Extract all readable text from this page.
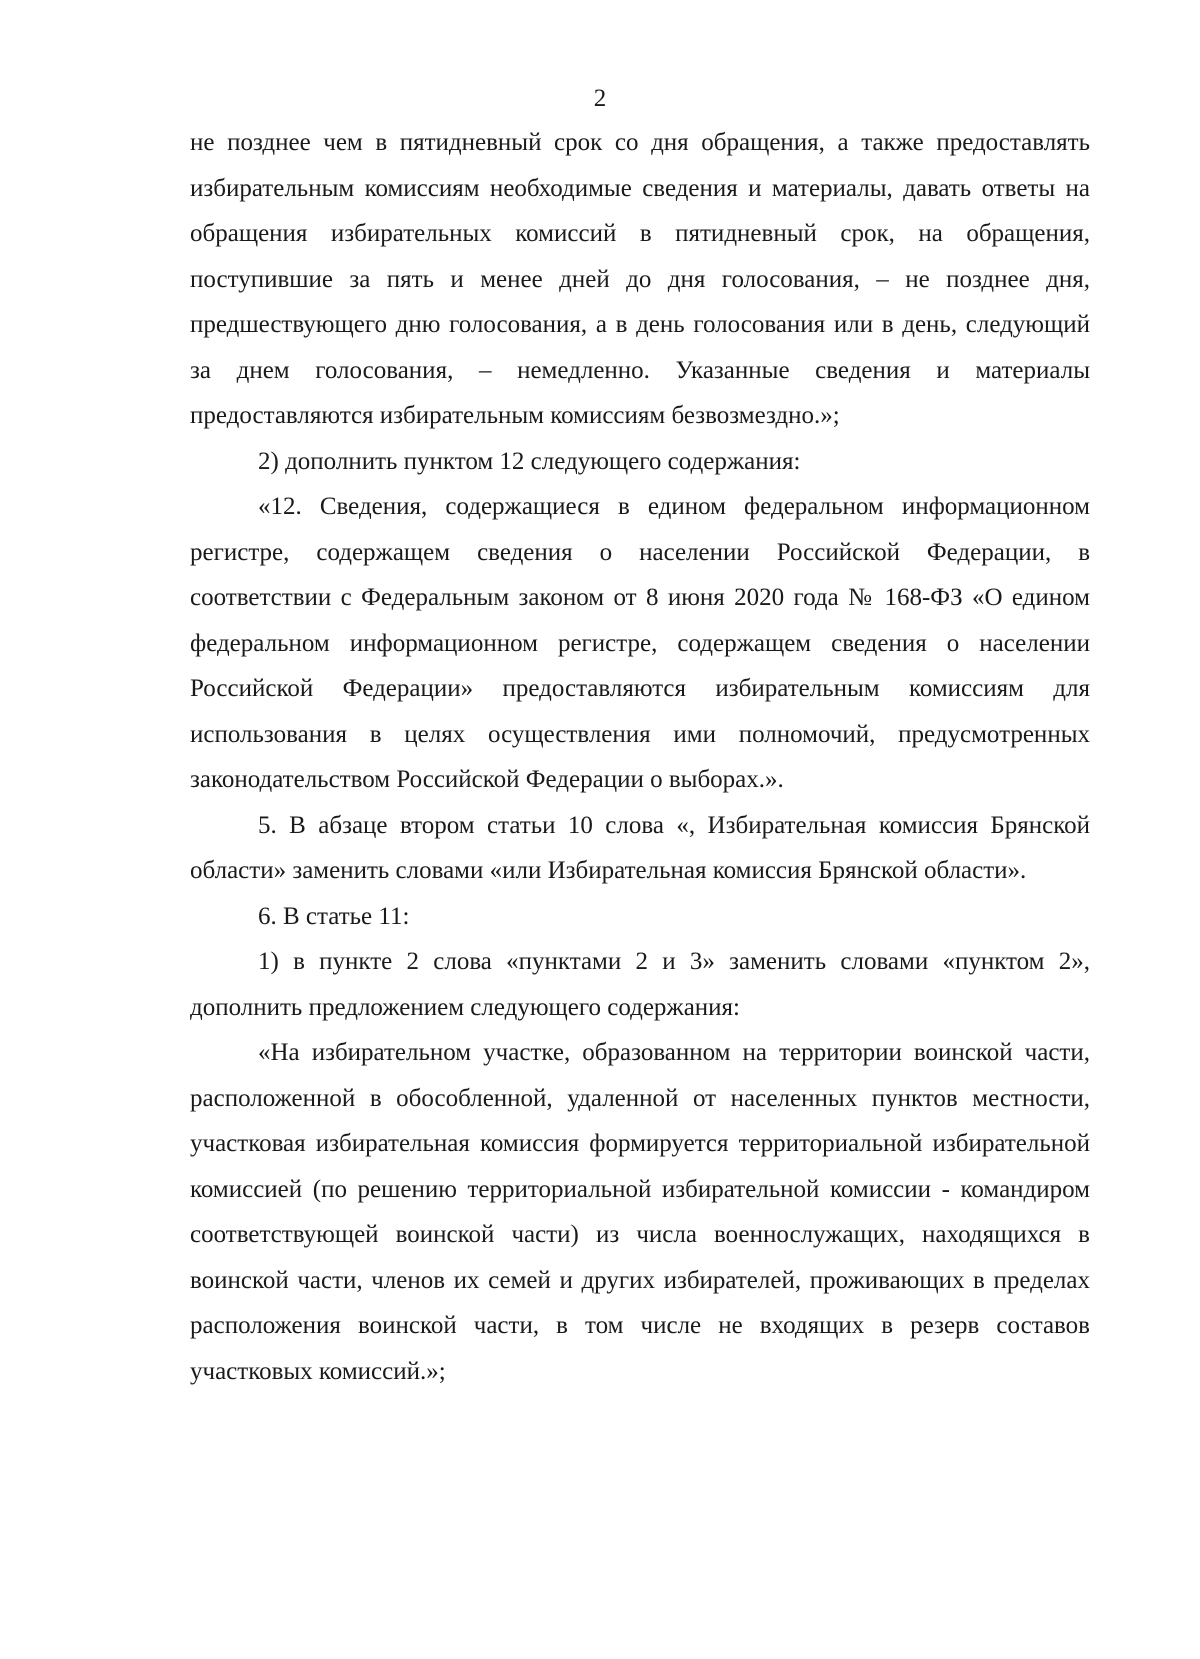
2

не позднее чем в пятидневный срок со дня обращения, а также предоставлять избирательным комиссиям необходимые сведения и материалы, давать ответы на обращения избирательных комиссий в пятидневный срок, на обращения, поступившие за пять и менее дней до дня голосования, – не позднее дня, предшествующего дню голосования, а в день голосования или в день, следующий за днем голосования, – немедленно. Указанные сведения и материалы предоставляются избирательным комиссиям безвозмездно.»;

2) дополнить пунктом 12 следующего содержания:

«12. Сведения, содержащиеся в едином федеральном информационном регистре, содержащем сведения о населении Российской Федерации, в соответствии с Федеральным законом от 8 июня 2020 года № 168-ФЗ «О едином федеральном информационном регистре, содержащем сведения о населении Российской Федерации» предоставляются избирательным комиссиям для использования в целях осуществления ими полномочий, предусмотренных законодательством Российской Федерации о выборах.».

5. В абзаце втором статьи 10 слова «, Избирательная комиссия Брянской области» заменить словами «или Избирательная комиссия Брянской области».

6. В статье 11:

1) в пункте 2 слова «пунктами 2 и 3» заменить словами «пунктом 2», дополнить предложением следующего содержания:

«На избирательном участке, образованном на территории воинской части, расположенной в обособленной, удаленной от населенных пунктов местности, участковая избирательная комиссия формируется территориальной избирательной комиссией (по решению территориальной избирательной комиссии - командиром соответствующей воинской части) из числа военнослужащих, находящихся в воинской части, членов их семей и других избирателей, проживающих в пределах расположения воинской части, в том числе не входящих в резерв составов участковых комиссий.»;
